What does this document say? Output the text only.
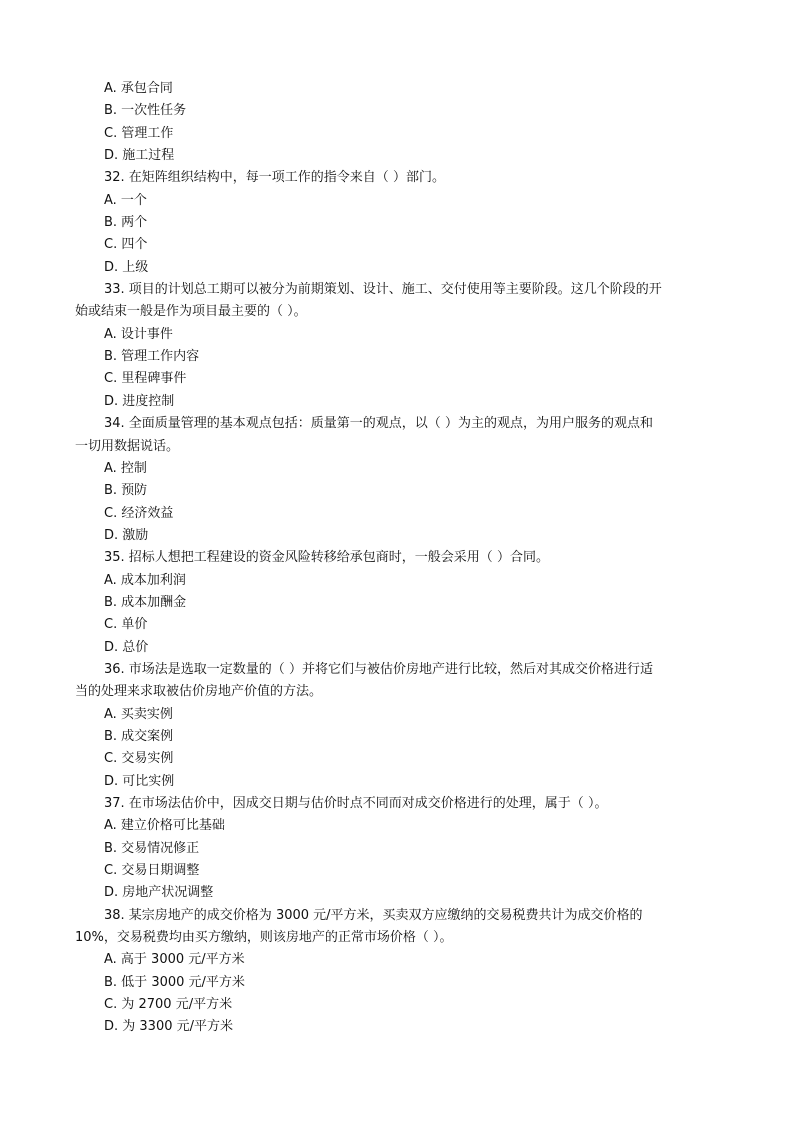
A. 承包合同
B. 一次性任务
C. 管理工作
D. 施工过程
32. 在矩阵组织结构中，每一项工作的指令来自（ ）部门。
A. 一个
B. 两个
C. 四个
D. 上级
33. 项目的计划总工期可以被分为前期策划、设计、施工、交付使用等主要阶段。这几个阶段的开
始或结束一般是作为项目最主要的（ ）。
A. 设计事件
B. 管理工作内容
C. 里程碑事件
D. 进度控制
34. 全面质量管理的基本观点包括：质量第一的观点，以（ ）为主的观点，为用户服务的观点和
一切用数据说话。
A. 控制
B. 预防
C. 经济效益
D. 激励
35. 招标人想把工程建设的资金风险转移给承包商时，一般会采用（ ）合同。
A. 成本加利润
B. 成本加酬金
C. 单价
D. 总价
36. 市场法是选取一定数量的（ ）并将它们与被估价房地产进行比较，然后对其成交价格进行适
当的处理来求取被估价房地产价值的方法。
A. 买卖实例
B. 成交案例
C. 交易实例
D. 可比实例
37. 在市场法估价中，因成交日期与估价时点不同而对成交价格进行的处理，属于（ ）。
A. 建立价格可比基础
B. 交易情况修正
C. 交易日期调整
D. 房地产状况调整
38. 某宗房地产的成交价格为 3000 元/平方米，买卖双方应缴纳的交易税费共计为成交价格的
10%，交易税费均由买方缴纳，则该房地产的正常市场价格（ ）。
A. 高于 3000 元/平方米
B. 低于 3000 元/平方米
C. 为 2700 元/平方米
D. 为 3300 元/平方米
